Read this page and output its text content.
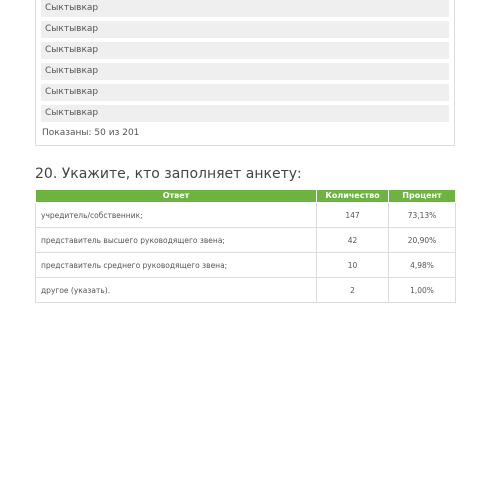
Сыктывкар
Сыктывкар
Сыктывкар
Сыктывкар
Сыктывкар
Сыктывкар
Показаны: 50 из 201
20. Укажите, кто заполняет анкету:
Ответ	Количество	Процент
учредитель/собственник;	147	73,13%
представитель высшего руководящего звена;	42	20,90%
представитель среднего руководящего звена;	10	4,98%
другое (указать).	2	1,00%
